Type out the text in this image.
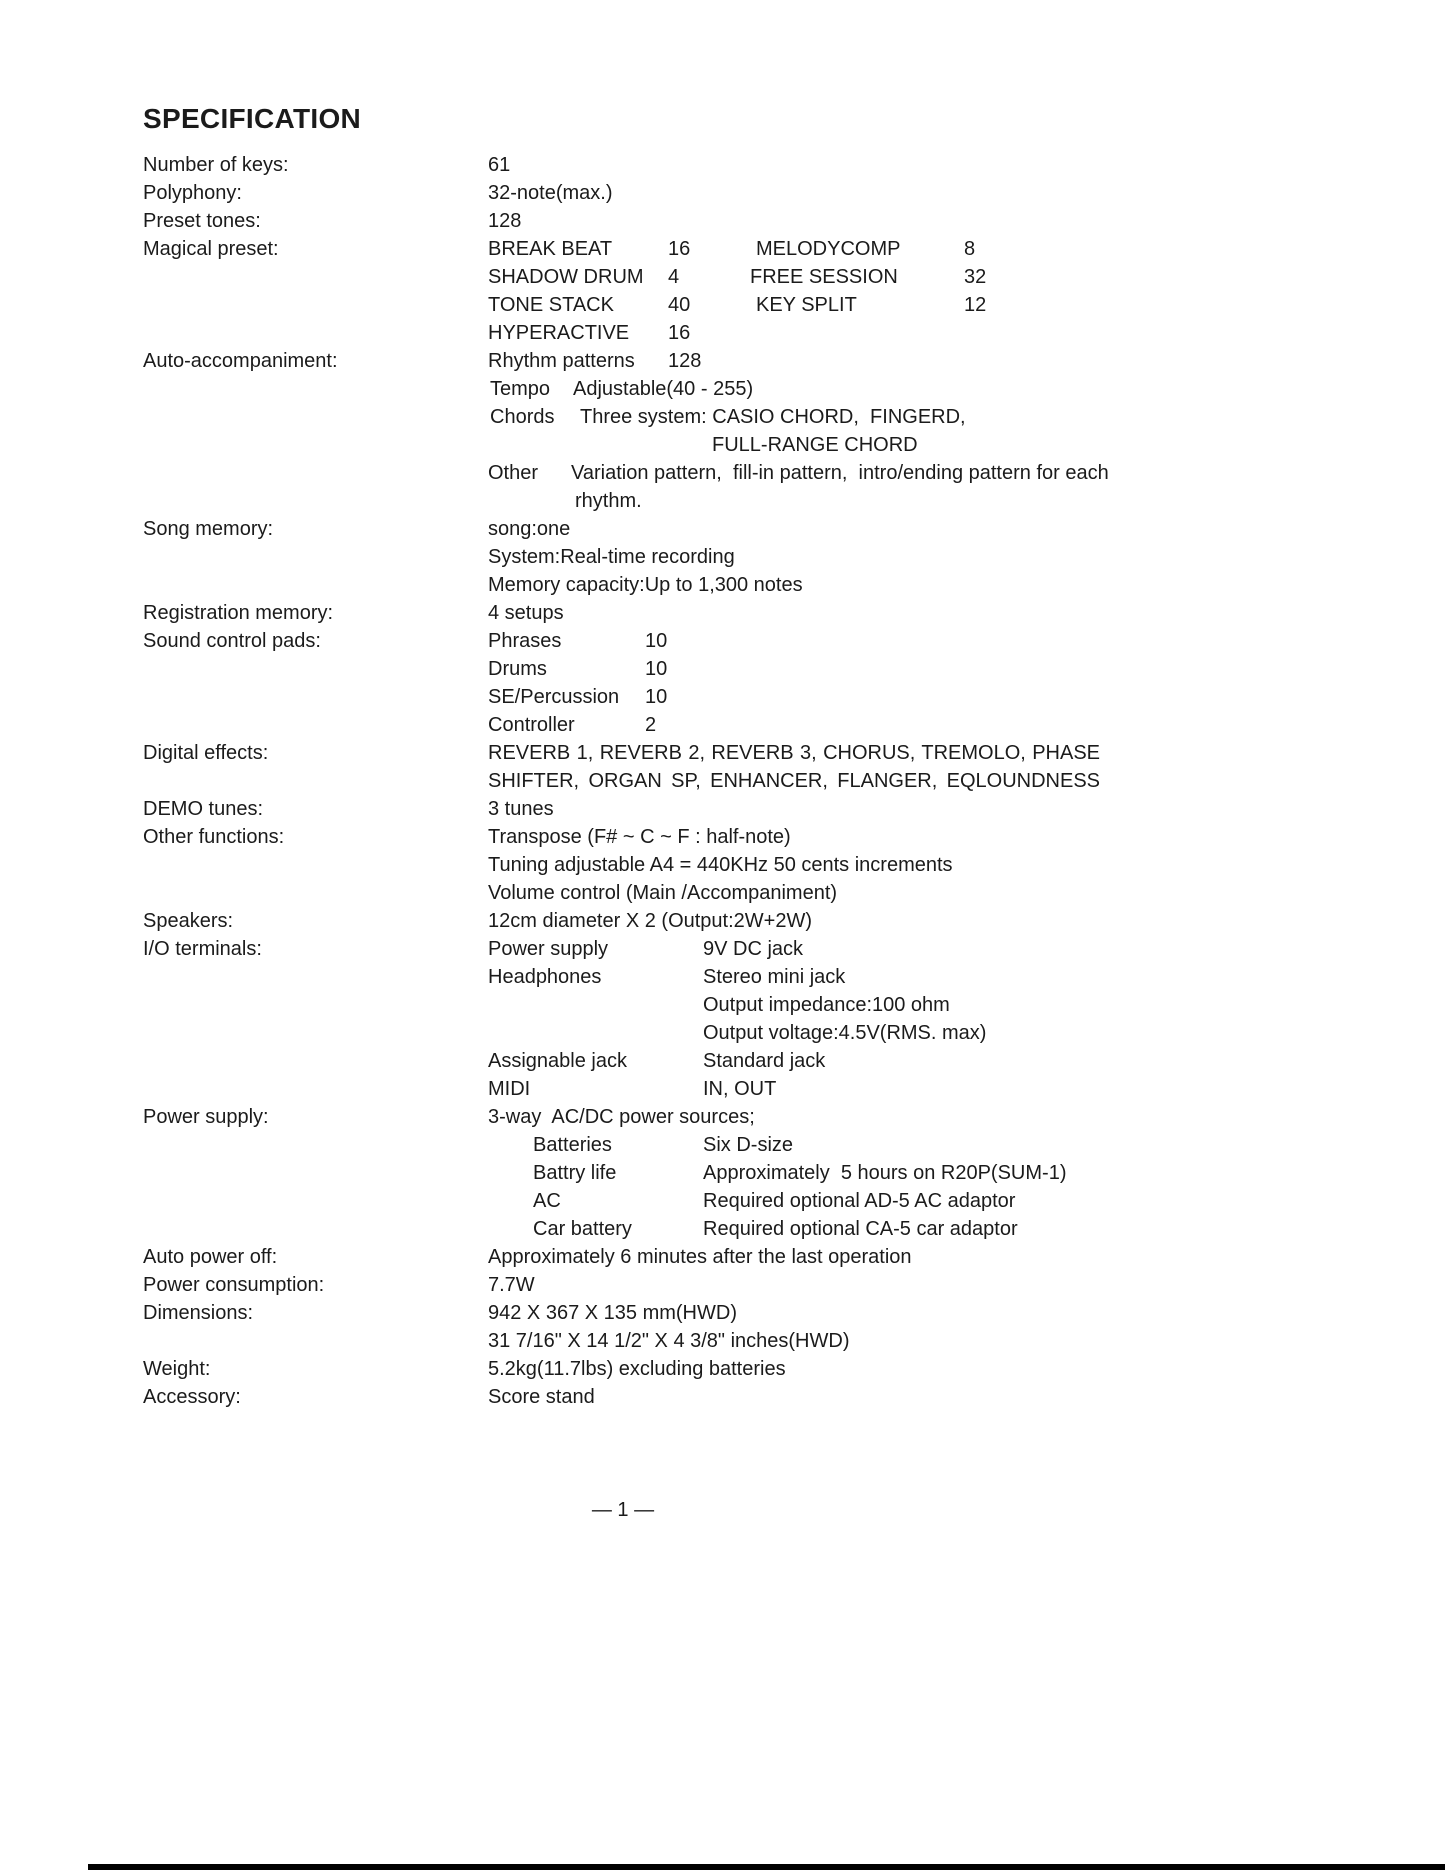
SPECIFICATION
Number of keys:	61
Polyphony:	32-note(max.)
Preset tones:	128
Magical preset:	BREAK BEAT	16	MELODYCOMP	8
SHADOW DRUM 4	FREE SESSION	32
TONE STACK	40	KEY SPLIT	12
HYPERACTIVE 16
Auto-accompaniment:	Rhythm patterns 128
Tempo Adjustable(40 - 255)
Chords Three system: CASIO CHORD,  FINGERD,
FULL-RANGE CHORD
Other Variation pattern,  fill-in pattern,  intro/ending pattern for each
rhythm.
Song memory:	song:one
System:Real-time recording
Memory capacity:Up to 1,300 notes
Registration memory:	4 setups
Sound control pads:	Phrases	10
Drums	10
SE/Percussion 10
Controller	2
Digital effects:	REVERB 1, REVERB 2, REVERB 3, CHORUS, TREMOLO, PHASE
SHIFTER, ORGAN SP, ENHANCER, FLANGER, EQLOUNDNESS
DEMO tunes:	3 tunes
Other functions:	Transpose (F# ~ C ~ F : half-note)
Tuning adjustable A4 = 440KHz 50 cents increments
Volume control (Main /Accompaniment)
Speakers:	12cm diameter X 2 (Output:2W+2W)
I/O terminals:	Power supply	9V DC jack
Headphones	Stereo mini jack
Output impedance:100 ohm
Output voltage:4.5V(RMS. max)
Assignable jack	Standard jack
MIDI	IN, OUT
Power supply:	3-way  AC/DC power sources;
Batteries	Six D-size
Battry life	Approximately  5 hours on R20P(SUM-1)
AC	Required optional AD-5 AC adaptor
Car battery	Required optional CA-5 car adaptor
Auto power off:	Approximately 6 minutes after the last operation
Power consumption:	7.7W
Dimensions:	942 X 367 X 135 mm(HWD)
31 7/16" X 14 1/2" X 4 3/8" inches(HWD)
Weight:	5.2kg(11.7lbs) excluding batteries
Accessory:	Score stand
— 1 —
